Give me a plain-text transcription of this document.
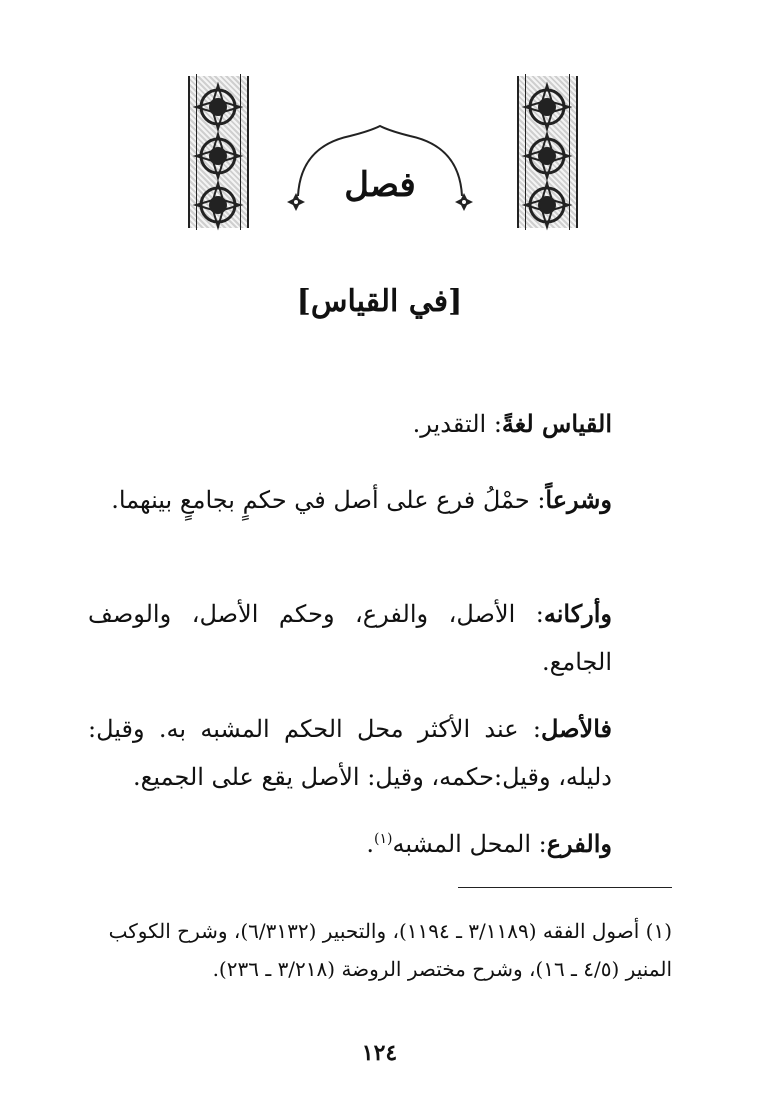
فصل
[في القياس]

القياس لغةً: التقدير.

وشرعاً: حمْلُ فرع على أصل في حكمٍ بجامعٍ بينهما.

وأركانه: الأصل، والفرع، وحكم الأصل، والوصف الجامع.

فالأصل: عند الأكثر محل الحكم المشبه به. وقيل: دليله، وقيل:حكمه، وقيل: الأصل يقع على الجميع.

والفرع: المحل المشبه$^{(١)}$.

(١) أصول الفقه (٣/١١٨٩ ـ ١١٩٤)، والتحبير (٦/٣١٣٢)، وشرح الكوكب المنير (٤/٥ ـ ١٦)، وشرح مختصر الروضة (٣/٢١٨ ـ ٢٣٦).
١٢٤
